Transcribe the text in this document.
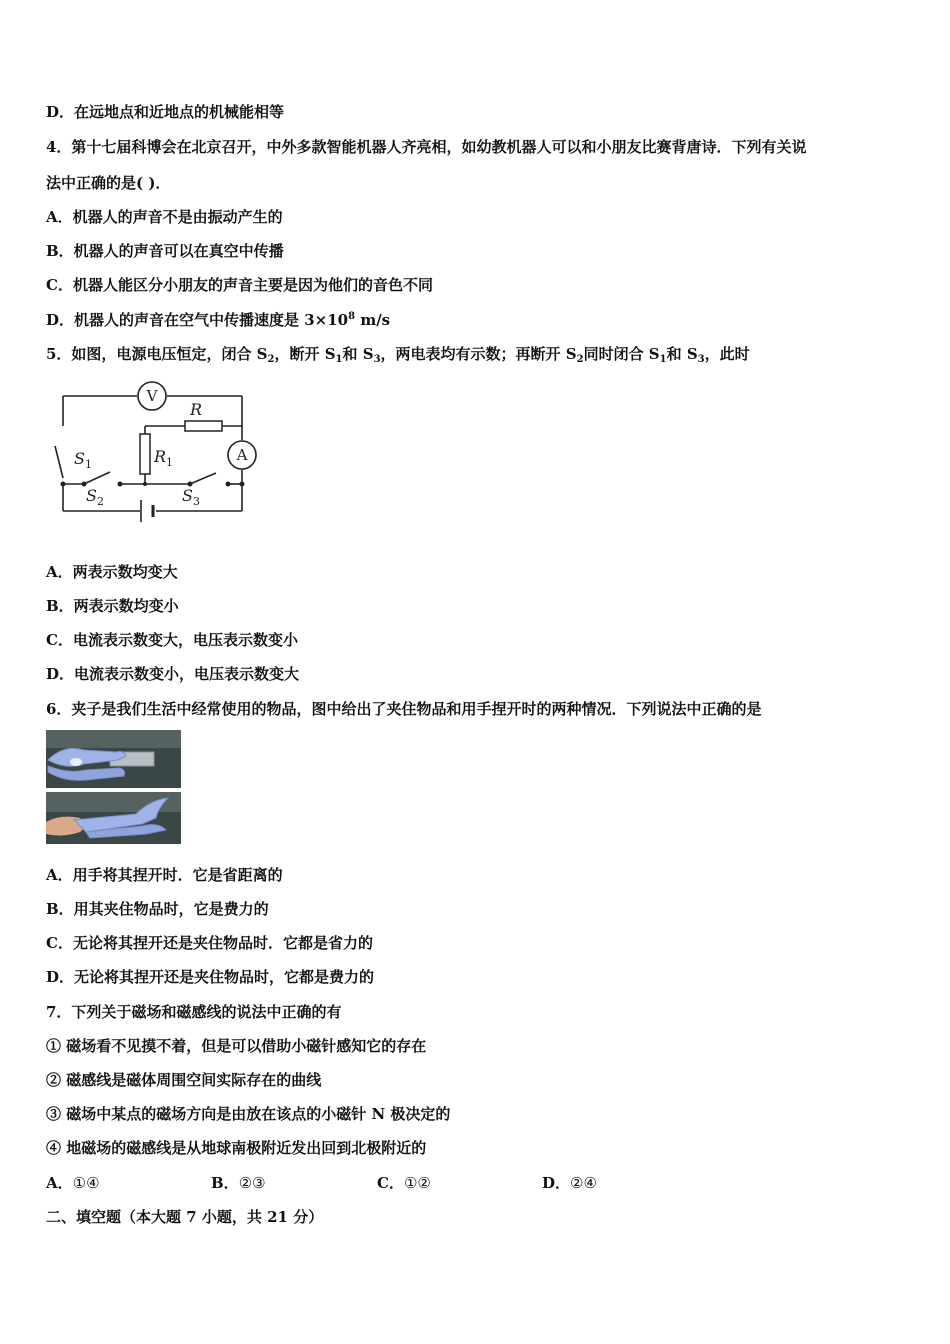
D．在远地点和近地点的机械能相等
4．第十七届科博会在北京召开，中外多款智能机器人齐亮相，如幼教机器人可以和小朋友比赛背唐诗．下列有关说
法中正确的是( )．
A．机器人的声音不是由振动产生的
B．机器人的声音可以在真空中传播
C．机器人能区分小朋友的声音主要是因为他们的音色不同
D．机器人的声音在空气中传播速度是 $3\times 10^8$ m/s
5．如图，电源电压恒定，闭合 $S_2$，断开 $S_1$和 $S_3$，两电表均有示数；再断开 $S_2$同时闭合 $S_1$和 $S_3$，此时
V
A
R
$R_1$
$S_1$
$S_2$	$S_3$
A．两表示数均变大
B．两表示数均变小
C．电流表示数变大，电压表示数变小
D．电流表示数变小，电压表示数变大
6．夹子是我们生活中经常使用的物品，图中给出了夹住物品和用手捏开时的两种情况．下列说法中正确的是
A．用手将其捏开时．它是省距离的
B．用其夹住物品时，它是费力的
C．无论将其捏开还是夹住物品时．它都是省力的
D．无论将其捏开还是夹住物品时，它都是费力的
7．下列关于磁场和磁感线的说法中正确的有
① 磁场看不见摸不着，但是可以借助小磁针感知它的存在
② 磁感线是磁体周围空间实际存在的曲线
③ 磁场中某点的磁场方向是由放在该点的小磁针 N 极决定的
④ 地磁场的磁感线是从地球南极附近发出回到北极附近的
A．①④	B．②③	C．①②	D．②④
二、填空题（本大题 7 小题，共 21 分）
